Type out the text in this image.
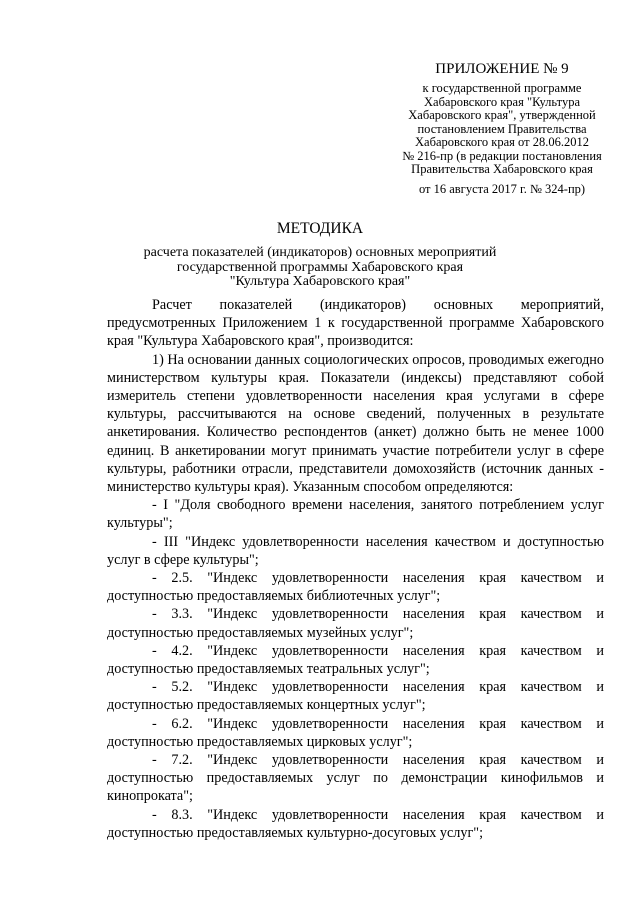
ПРИЛОЖЕНИЕ № 9
к государственной программе
Хабаровского края "Культура
Хабаровского края", утвержденной
постановлением Правительства
Хабаровского края от 28.06.2012
№ 216-пр (в редакции постановления
Правительства Хабаровского края
от 16 августа 2017 г. № 324-пр)
МЕТОДИКА
расчета показателей (индикаторов) основных мероприятий
государственной программы Хабаровского края
"Культура Хабаровского края"

Расчет показателей (индикаторов) основных мероприятий, предусмотренных Приложением 1 к государственной программе Хабаровского края "Культура Хабаровского края", производится:

1) На основании данных социологических опросов, проводимых ежегодно министерством культуры края. Показатели (индексы) представляют собой измеритель степени удовлетворенности населения края услугами в сфере культуры, рассчитываются на основе сведений, полученных в результате анкетирования. Количество респондентов (анкет) должно быть не менее 1000 единиц. В анкетировании могут принимать участие потребители услуг в сфере культуры, работники отрасли, представители домохозяйств (источник данных - министерство культуры края). Указанным способом определяются:

- I "Доля свободного времени населения, занятого потреблением услуг культуры";

- III "Индекс удовлетворенности населения качеством и доступностью услуг в сфере культуры";

- 2.5. "Индекс удовлетворенности населения края качеством и доступностью предоставляемых библиотечных услуг";

- 3.3. "Индекс удовлетворенности населения края качеством и доступностью предоставляемых музейных услуг";

- 4.2. "Индекс удовлетворенности населения края качеством и доступностью предоставляемых театральных услуг";

- 5.2. "Индекс удовлетворенности населения края качеством и доступностью предоставляемых концертных услуг";

- 6.2. "Индекс удовлетворенности населения края качеством и доступностью предоставляемых цирковых услуг";

- 7.2. "Индекс удовлетворенности населения края качеством и доступностью предоставляемых услуг по демонстрации кинофильмов и кинопроката";

- 8.3. "Индекс удовлетворенности населения края качеством и доступностью предоставляемых культурно-досуговых услуг";
